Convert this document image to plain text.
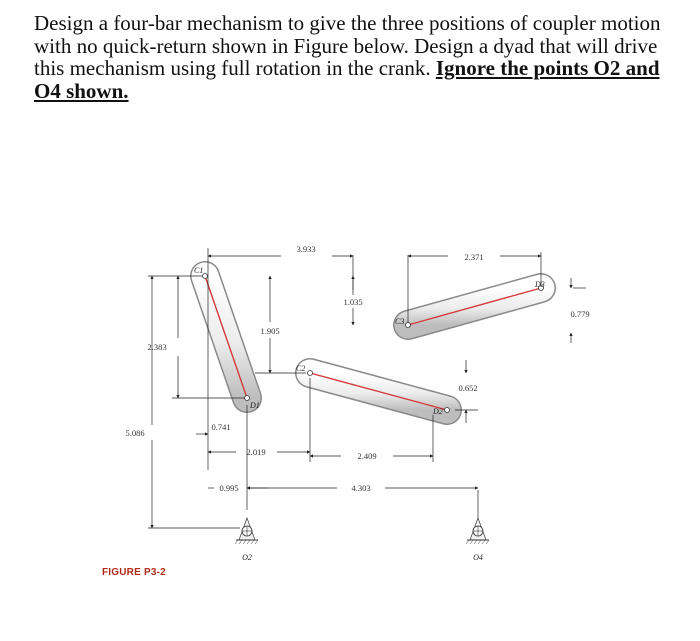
Design a four-bar mechanism to give the three positions of coupler motion with no quick-return shown in Figure below. Design a dyad that will drive this mechanism using full rotation in the crank. Ignore the points O2 and O4 shown.
C1
D1
C2
D2
C3
D3
3.933
2.371
1.035
0.779
2.383
1.905
0.652
5.086
0.741
2.019	2.409
0.995	4.303
O2	O4
FIGURE P3-2
